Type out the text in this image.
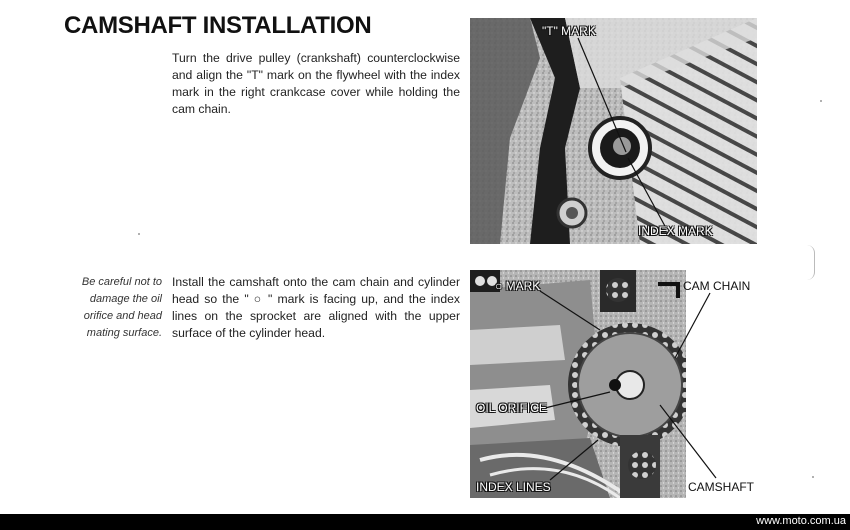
CAMSHAFT INSTALLATION
Turn the drive pulley (crankshaft) counterclockwise and align the "T" mark on the flywheel with the index mark in the right crankcase cover while holding the cam chain.
Be careful not to damage the oil orifice and head mating surface.
Install the camshaft onto the cam chain and cylinder head so the " ○ " mark is facing up, and the index lines on the sprocket are aligned with the upper surface of the cylinder head.
"T" MARK
INDEX MARK
○ MARK	CAM CHAIN
OIL ORIFICE
INDEX LINES	CAMSHAFT
www.moto.com.ua
